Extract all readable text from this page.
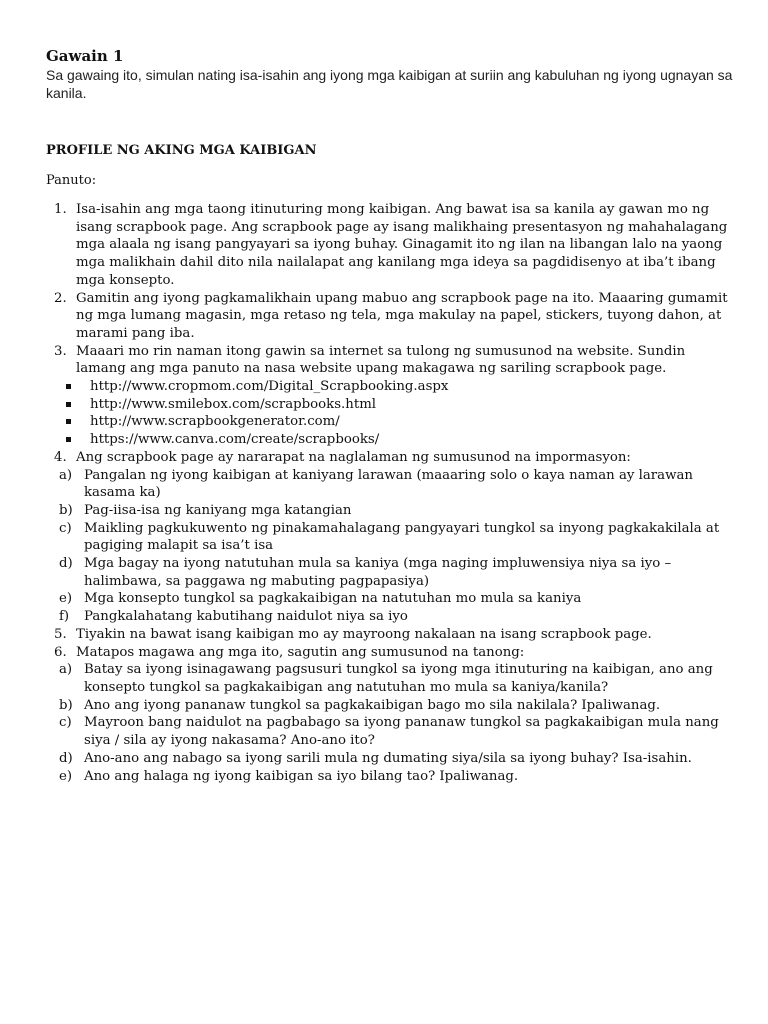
Gawain 1

Sa gawaing ito, simulan nating isa-isahin ang iyong mga kaibigan at suriin ang kabuluhan ng iyong ugnayan sa kanila.

PROFILE NG AKING MGA KAIBIGAN

Panuto:

1. Isa-isahin ang mga taong itinuturing mong kaibigan. Ang bawat isa sa kanila ay gawan mo ng isang scrapbook page. Ang scrapbook page ay isang malikhaing presentasyon ng mahahalagang mga alaala ng isang pangyayari sa iyong buhay. Ginagamit ito ng ilan na libangan lalo na yaong mga malikhain dahil dito nila nailalapat ang kanilang mga ideya sa pagdidisenyo at iba’t ibang mga konsepto.
2. Gamitin ang iyong pagkamalikhain upang mabuo ang scrapbook page na ito. Maaaring gumamit ng mga lumang magasin, mga retaso ng tela, mga makulay na papel, stickers, tuyong dahon, at marami pang iba.
3. Maaari mo rin naman itong gawin sa internet sa tulong ng sumusunod na website. Sundin lamang ang mga panuto na nasa website upang makagawa ng sariling scrapbook page.
http://www.cropmom.com/Digital_Scrapbooking.aspx
http://www.smilebox.com/scrapbooks.html
http://www.scrapbookgenerator.com/
https://www.canva.com/create/scrapbooks/
4. Ang scrapbook page ay nararapat na naglalaman ng sumusunod na impormasyon:
a) Pangalan ng iyong kaibigan at kaniyang larawan (maaaring solo o kaya naman ay larawan kasama ka)
b) Pag-iisa-isa ng kaniyang mga katangian
c) Maikling pagkukuwento ng pinakamahalagang pangyayari tungkol sa inyong pagkakakilala at pagiging malapit sa isa’t isa
d) Mga bagay na iyong natutuhan mula sa kaniya (mga naging impluwensiya niya sa iyo – halimbawa, sa paggawa ng mabuting pagpapasiya)
e) Mga konsepto tungkol sa pagkakaibigan na natutuhan mo mula sa kaniya
f) Pangkalahatang kabutihang naidulot niya sa iyo
5. Tiyakin na bawat isang kaibigan mo ay mayroong nakalaan na isang scrapbook page.
6. Matapos magawa ang mga ito, sagutin ang sumusunod na tanong:
a) Batay sa iyong isinagawang pagsusuri tungkol sa iyong mga itinuturing na kaibigan, ano ang konsepto tungkol sa pagkakaibigan ang natutuhan mo mula sa kaniya/kanila?
b) Ano ang iyong pananaw tungkol sa pagkakaibigan bago mo sila nakilala? Ipaliwanag.
c) Mayroon bang naidulot na pagbabago sa iyong pananaw tungkol sa pagkakaibigan mula nang siya / sila ay iyong nakasama? Ano-ano ito?
d) Ano-ano ang nabago sa iyong sarili mula ng dumating siya/sila sa iyong buhay? Isa-isahin.
e) Ano ang halaga ng iyong kaibigan sa iyo bilang tao? Ipaliwanag.
